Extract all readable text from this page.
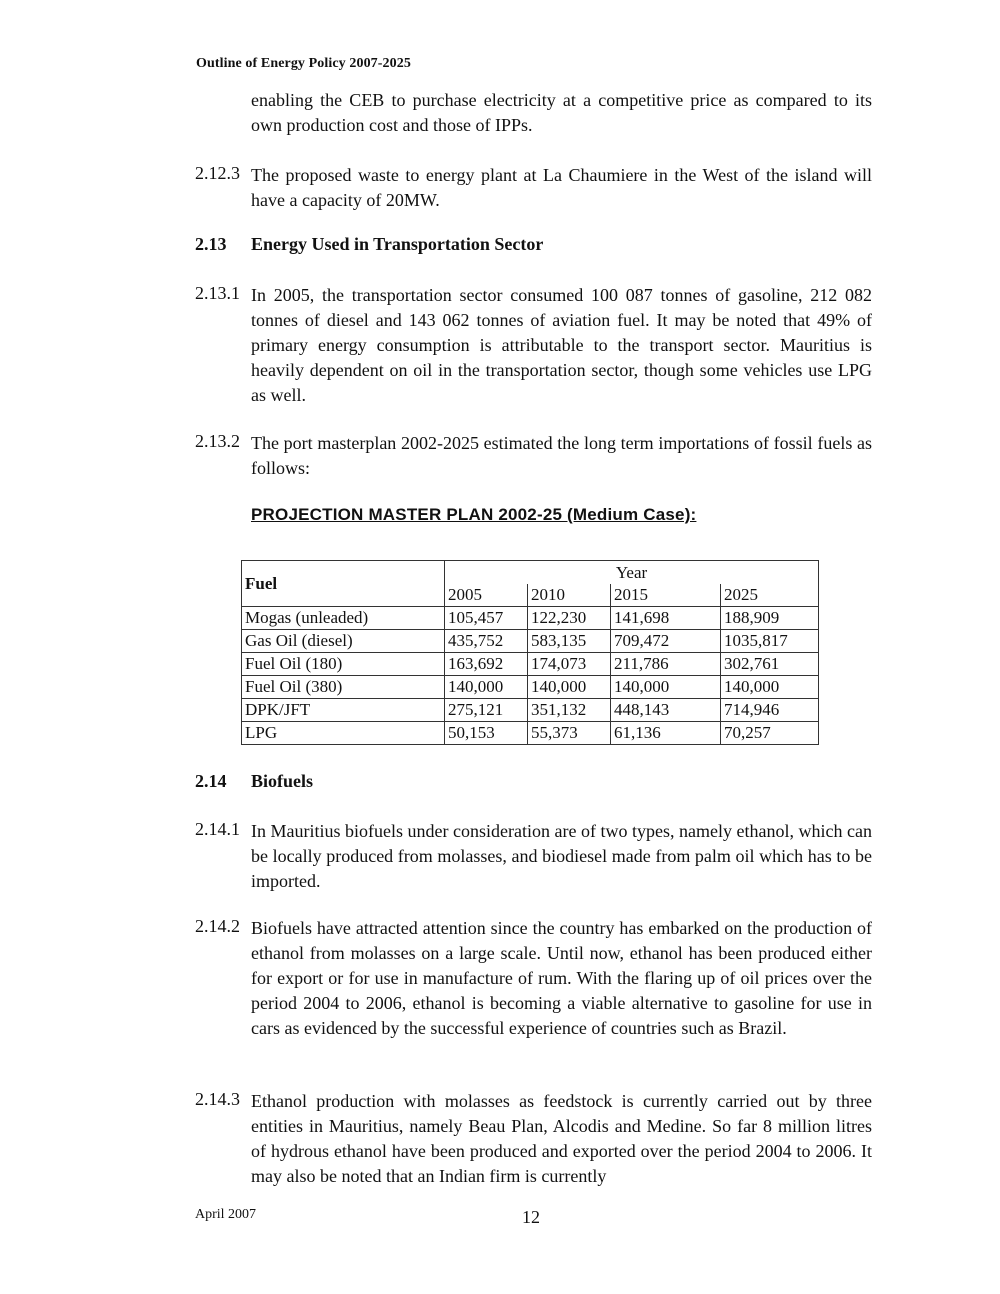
Outline of Energy Policy 2007-2025
enabling the CEB to purchase electricity at a competitive price as compared to its own production cost and those of IPPs.
2.12.3 The proposed waste to energy plant at La Chaumiere in the West of the island will have a capacity of 20MW.
2.13 Energy Used in Transportation Sector
2.13.1 In 2005, the transportation sector consumed 100 087 tonnes of gasoline, 212 082 tonnes of diesel and 143 062 tonnes of aviation fuel. It may be noted that 49% of primary energy consumption is attributable to the transport sector. Mauritius is heavily dependent on oil in the transportation sector, though some vehicles use LPG as well.
2.13.2 The port masterplan 2002-2025 estimated the long term importations of fossil fuels as follows:
PROJECTION MASTER PLAN 2002-25 (Medium Case):
Fuel	Year			
	2005	2010	2015	2025
Mogas (unleaded)	105,457	122,230	141,698	188,909
Gas Oil (diesel)	435,752	583,135	709,472	1035,817
Fuel Oil (180)	163,692	174,073	211,786	302,761
Fuel Oil (380)	140,000	140,000	140,000	140,000
DPK/JFT	275,121	351,132	448,143	714,946
LPG	50,153	55,373	61,136	70,257
2.14 Biofuels
2.14.1 In Mauritius biofuels under consideration are of two types, namely ethanol, which can be locally produced from molasses, and biodiesel made from palm oil which has to be imported.
2.14.2 Biofuels have attracted attention since the country has embarked on the production of ethanol from molasses on a large scale. Until now, ethanol has been produced either for export or for use in manufacture of rum. With the flaring up of oil prices over the period 2004 to 2006, ethanol is becoming a viable alternative to gasoline for use in cars as evidenced by the successful experience of countries such as Brazil.
2.14.3 Ethanol production with molasses as feedstock is currently carried out by three entities in Mauritius, namely Beau Plan, Alcodis and Medine. So far 8 million litres of hydrous ethanol have been produced and exported over the period 2004 to 2006. It may also be noted that an Indian firm is currently
April 2007	12
